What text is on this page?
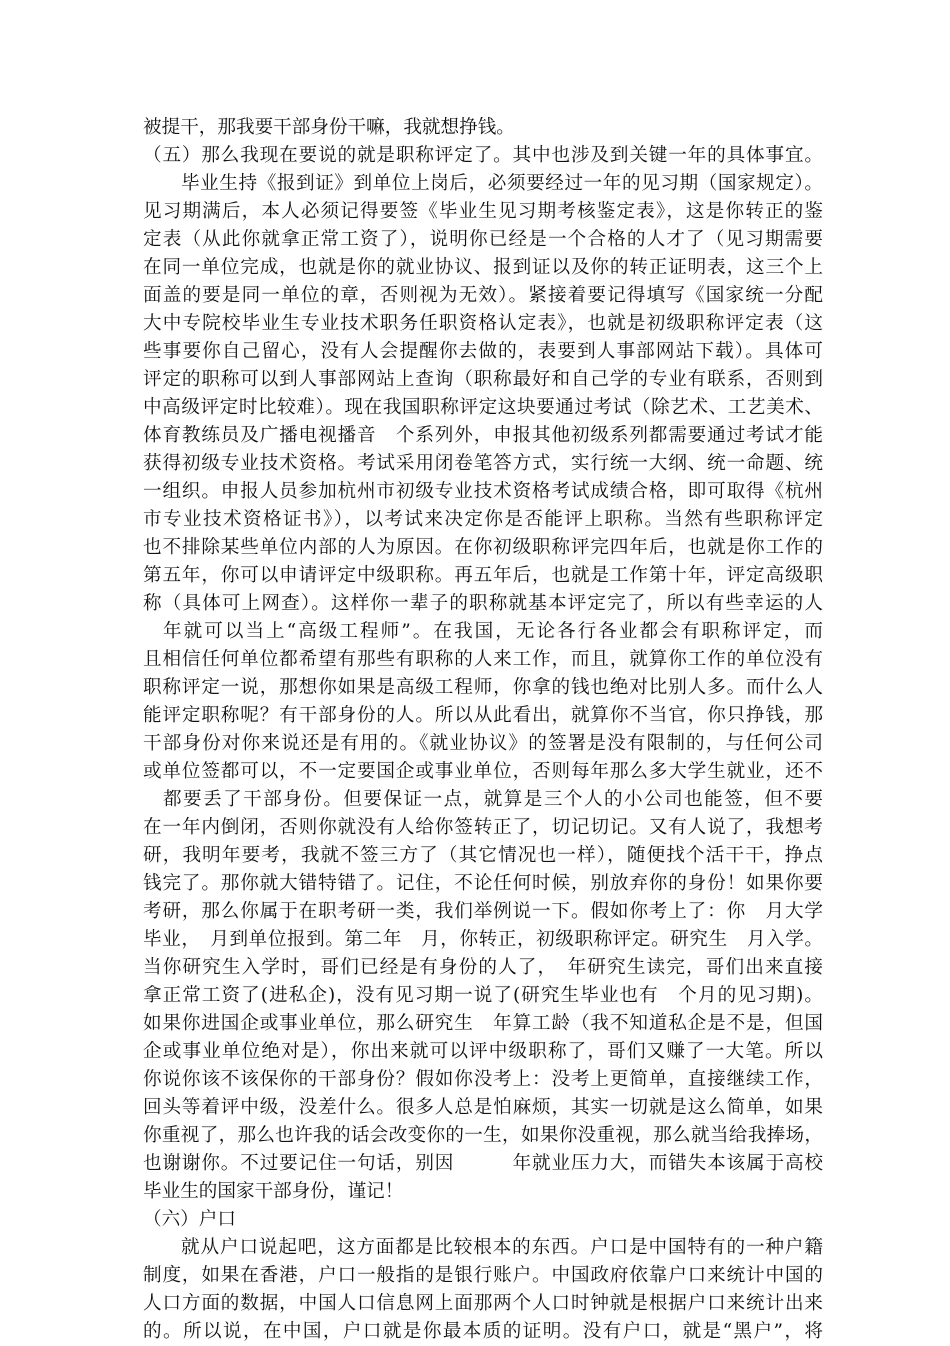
被提干，那我要干部身份干嘛，我就想挣钱。
（五）那么我现在要说的就是职称评定了。其中也涉及到关键一年的具体事宜。
毕业生持《报到证》到单位上岗后，必须要经过一年的见习期（国家规定）。
见习期满后，本人必须记得要签《毕业生见习期考核鉴定表》，这是你转正的鉴
定表（从此你就拿正常工资了），说明你已经是一个合格的人才了（见习期需要
在同一单位完成，也就是你的就业协议、报到证以及你的转正证明表，这三个上
面盖的要是同一单位的章，否则视为无效）。紧接着要记得填写《国家统一分配
大中专院校毕业生专业技术职务任职资格认定表》，也就是初级职称评定表（这
些事要你自己留心，没有人会提醒你去做的，表要到人事部网站下载）。具体可
评定的职称可以到人事部网站上查询（职称最好和自己学的专业有联系，否则到
中高级评定时比较难）。现在我国职称评定这块要通过考试（除艺术、工艺美术、
体育教练员及广播电视播音　个系列外，申报其他初级系列都需要通过考试才能
获得初级专业技术资格。考试采用闭卷笔答方式，实行统一大纲、统一命题、统
一组织。申报人员参加杭州市初级专业技术资格考试成绩合格，即可取得《杭州
市专业技术资格证书》），以考试来决定你是否能评上职称。当然有些职称评定
也不排除某些单位内部的人为原因。在你初级职称评完四年后，也就是你工作的
第五年，你可以申请评定中级职称。再五年后，也就是工作第十年，评定高级职
称（具体可上网查）。这样你一辈子的职称就基本评定完了，所以有些幸运的人
年就可以当上“高级工程师”。在我国，无论各行各业都会有职称评定，而
且相信任何单位都希望有那些有职称的人来工作，而且，就算你工作的单位没有
职称评定一说，那想你如果是高级工程师，你拿的钱也绝对比别人多。而什么人
能评定职称呢？有干部身份的人。所以从此看出，就算你不当官，你只挣钱，那
干部身份对你来说还是有用的。《就业协议》的签署是没有限制的，与任何公司
或单位签都可以，不一定要国企或事业单位，否则每年那么多大学生就业，还不
都要丢了干部身份。但要保证一点，就算是三个人的小公司也能签，但不要
在一年内倒闭，否则你就没有人给你签转正了，切记切记。又有人说了，我想考
研，我明年要考，我就不签三方了（其它情况也一样），随便找个活干干，挣点
钱完了。那你就大错特错了。记住，不论任何时候，别放弃你的身份！如果你要
考研，那么你属于在职考研一类，我们举例说一下。假如你考上了：你　月大学
毕业，　月到单位报到。第二年　月，你转正，初级职称评定。研究生　月入学。
当你研究生入学时，哥们已经是有身份的人了，　年研究生读完，哥们出来直接
拿正常工资了(进私企)，没有见习期一说了(研究生毕业也有　个月的见习期)。
如果你进国企或事业单位，那么研究生　年算工龄（我不知道私企是不是，但国
企或事业单位绝对是），你出来就可以评中级职称了，哥们又赚了一大笔。所以
你说你该不该保你的干部身份？假如你没考上：没考上更简单，直接继续工作，
回头等着评中级，没差什么。很多人总是怕麻烦，其实一切就是这么简单，如果
你重视了，那么也许我的话会改变你的一生，如果你没重视，那么就当给我捧场，
也谢谢你。不过要记住一句话，别因　　　年就业压力大，而错失本该属于高校
毕业生的国家干部身份，谨记！
（六）户口
就从户口说起吧，这方面都是比较根本的东西。户口是中国特有的一种户籍
制度，如果在香港，户口一般指的是银行账户。中国政府依靠户口来统计中国的
人口方面的数据，中国人口信息网上面那两个人口时钟就是根据户口来统计出来
的。所以说，在中国，户口就是你最本质的证明。没有户口，就是“黑户”，将
